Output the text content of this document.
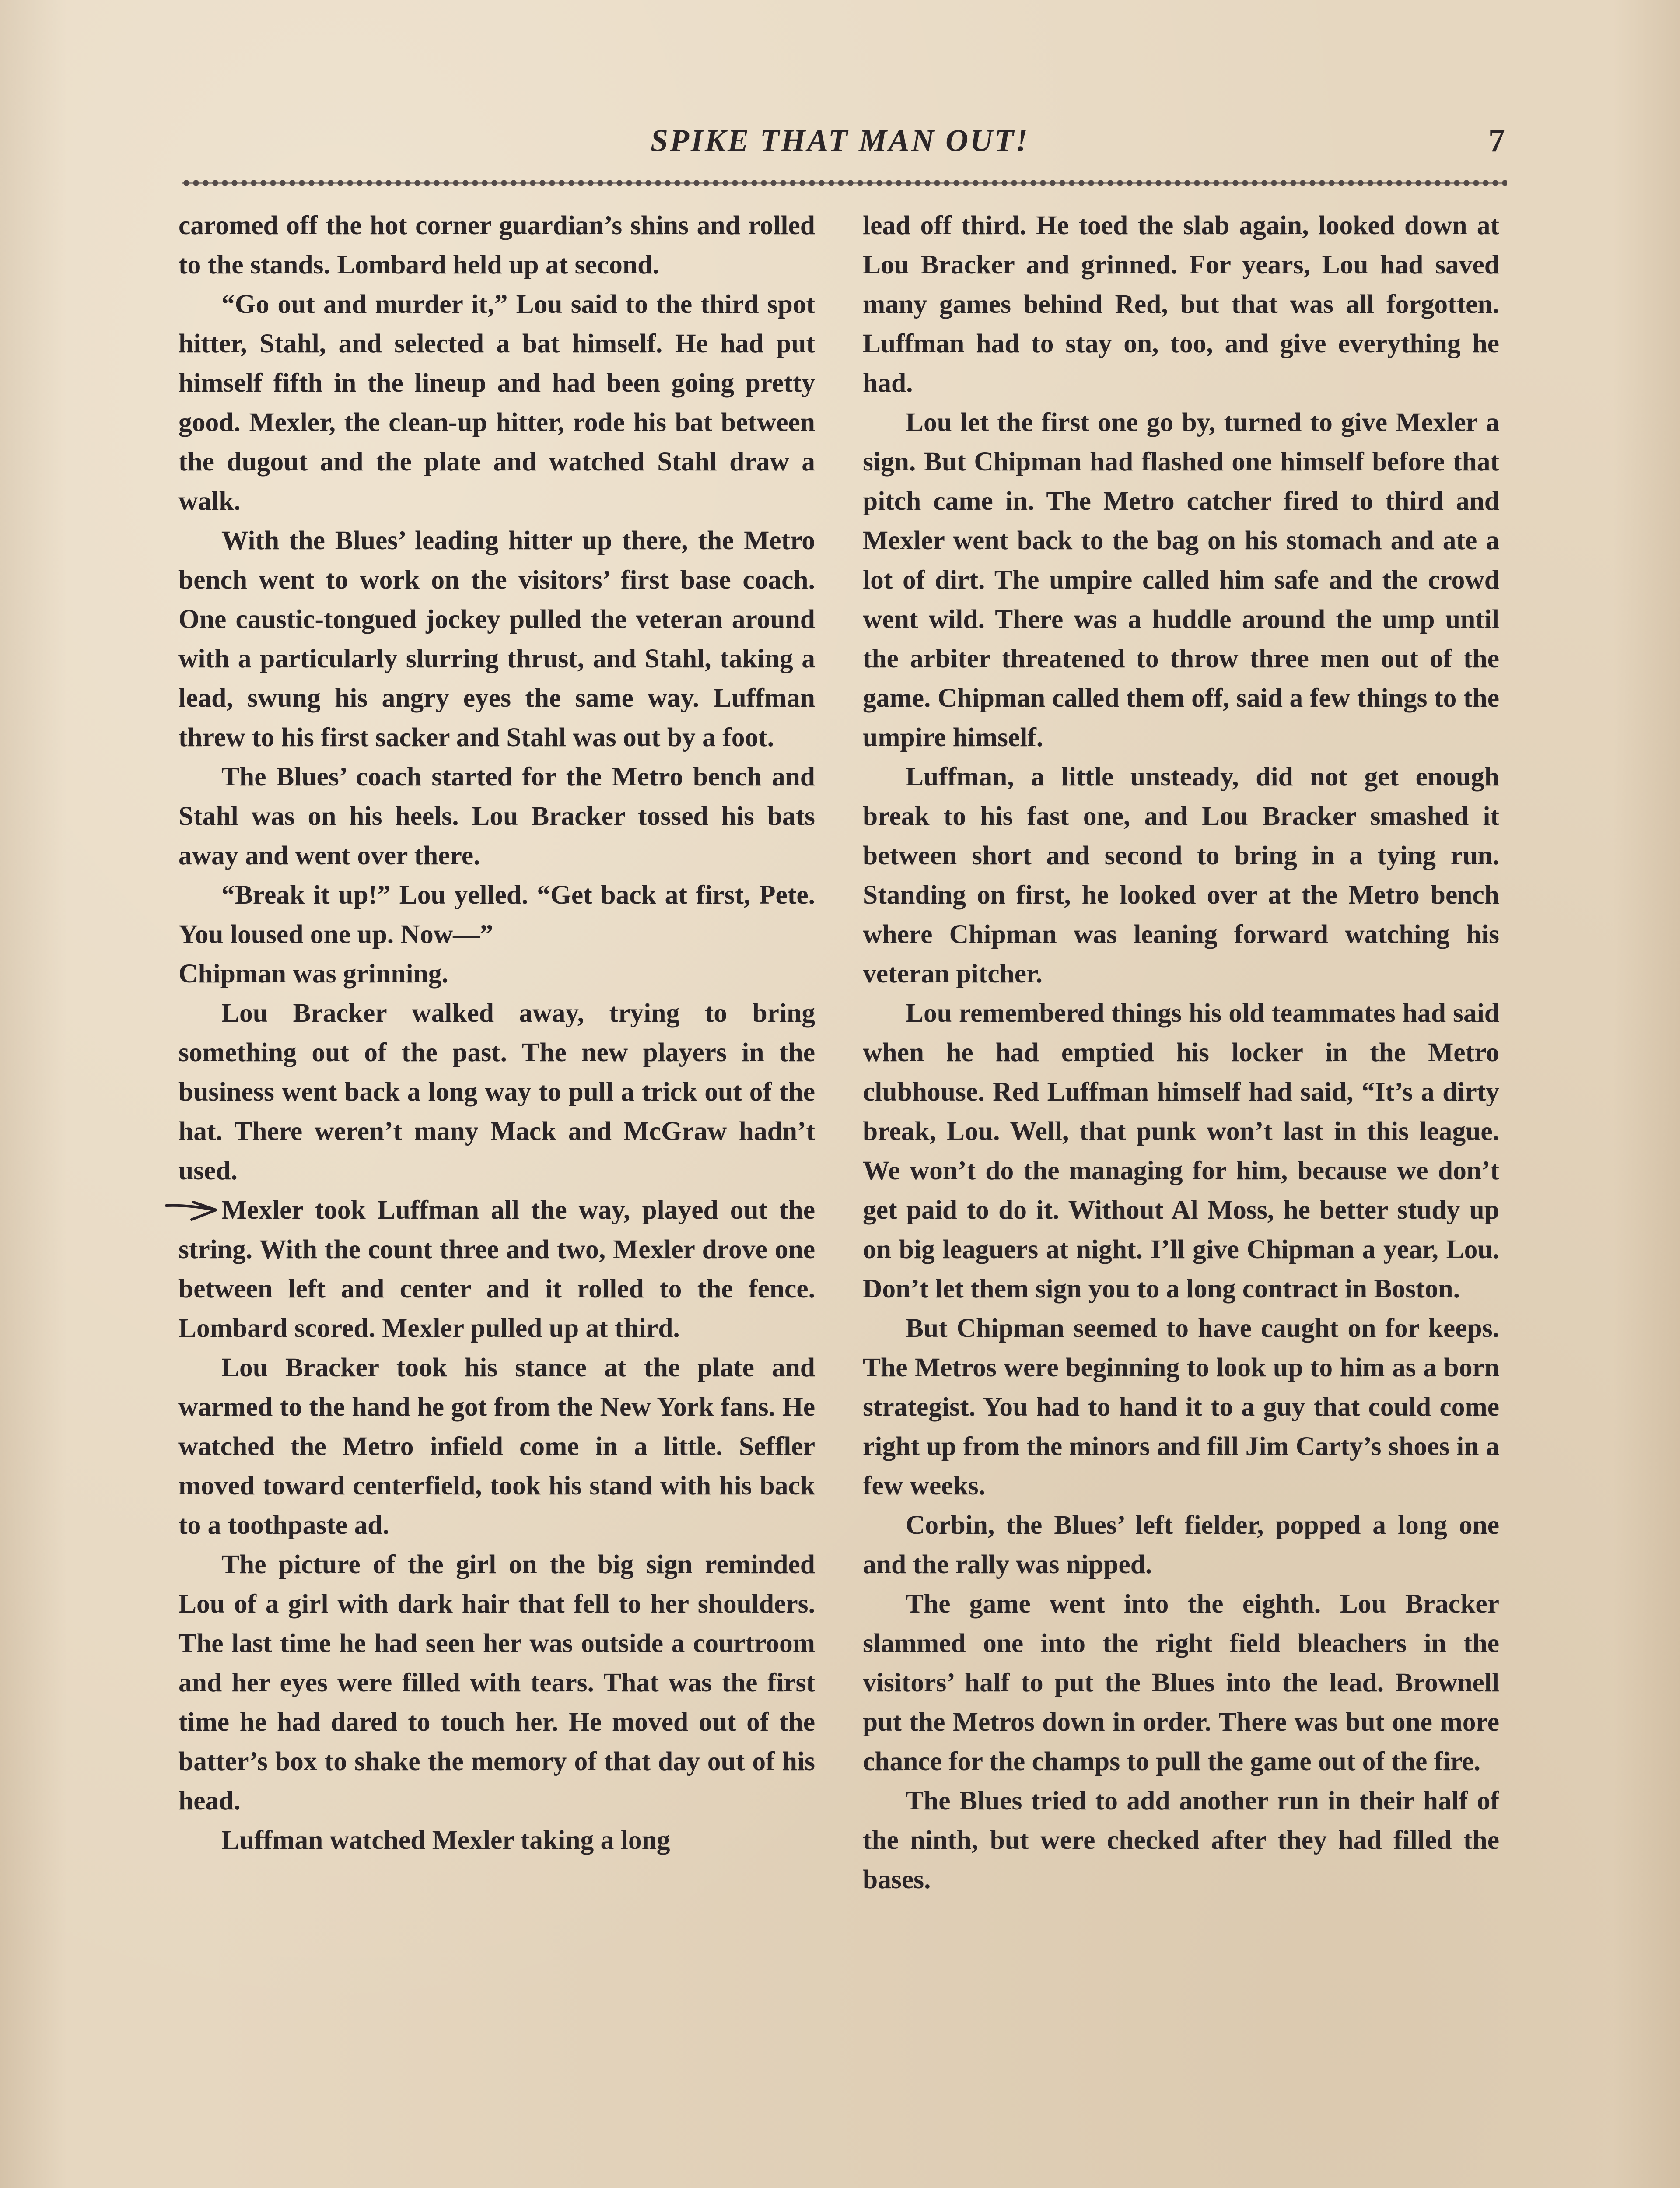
SPIKE THAT MAN OUT!	7

caromed off the hot corner guardian’s shins and rolled to the stands. Lombard held up at second.

“Go out and murder it,” Lou said to the third spot hitter, Stahl, and selected a bat himself. He had put himself fifth in the lineup and had been going pretty good. Mexler, the clean-up hitter, rode his bat between the dugout and the plate and watched Stahl draw a walk.

With the Blues’ leading hitter up there, the Metro bench went to work on the visitors’ first base coach. One caustic-tongued jockey pulled the veteran around with a particularly slurring thrust, and Stahl, taking a lead, swung his angry eyes the same way. Luffman threw to his first sacker and Stahl was out by a foot.

The Blues’ coach started for the Metro bench and Stahl was on his heels. Lou Bracker tossed his bats away and went over there.

“Break it up!” Lou yelled. “Get back at first, Pete. You loused one up. Now—”

Chipman was grinning.

Lou Bracker walked away, trying to bring something out of the past. The new players in the business went back a long way to pull a trick out of the hat. There weren’t many Mack and McGraw hadn’t used.

Mexler took Luffman all the way, played out the string. With the count three and two, Mexler drove one between left and center and it rolled to the fence. Lombard scored. Mexler pulled up at third.

Lou Bracker took his stance at the plate and warmed to the hand he got from the New York fans. He watched the Metro infield come in a little. Seffler moved toward centerfield, took his stand with his back to a toothpaste ad.

The picture of the girl on the big sign reminded Lou of a girl with dark hair that fell to her shoulders. The last time he had seen her was outside a courtroom and her eyes were filled with tears. That was the first time he had dared to touch her. He moved out of the batter’s box to shake the memory of that day out of his head.

Luffman watched Mexler taking a long

lead off third. He toed the slab again, looked down at Lou Bracker and grinned. For years, Lou had saved many games behind Red, but that was all forgotten. Luffman had to stay on, too, and give everything he had.

Lou let the first one go by, turned to give Mexler a sign. But Chipman had flashed one himself before that pitch came in. The Metro catcher fired to third and Mexler went back to the bag on his stomach and ate a lot of dirt. The umpire called him safe and the crowd went wild. There was a huddle around the ump until the arbiter threatened to throw three men out of the game. Chipman called them off, said a few things to the umpire himself.

Luffman, a little unsteady, did not get enough break to his fast one, and Lou Bracker smashed it between short and second to bring in a tying run. Standing on first, he looked over at the Metro bench where Chipman was leaning forward watching his veteran pitcher.

Lou remembered things his old teammates had said when he had emptied his locker in the Metro clubhouse. Red Luffman himself had said, “It’s a dirty break, Lou. Well, that punk won’t last in this league. We won’t do the managing for him, because we don’t get paid to do it. Without Al Moss, he better study up on big leaguers at night. I’ll give Chipman a year, Lou. Don’t let them sign you to a long contract in Boston.

But Chipman seemed to have caught on for keeps. The Metros were beginning to look up to him as a born strategist. You had to hand it to a guy that could come right up from the minors and fill Jim Carty’s shoes in a few weeks.

Corbin, the Blues’ left fielder, popped a long one and the rally was nipped.

The game went into the eighth. Lou Bracker slammed one into the right field bleachers in the visitors’ half to put the Blues into the lead. Brownell put the Metros down in order. There was but one more chance for the champs to pull the game out of the fire.

The Blues tried to add another run in their half of the ninth, but were checked after they had filled the bases.
